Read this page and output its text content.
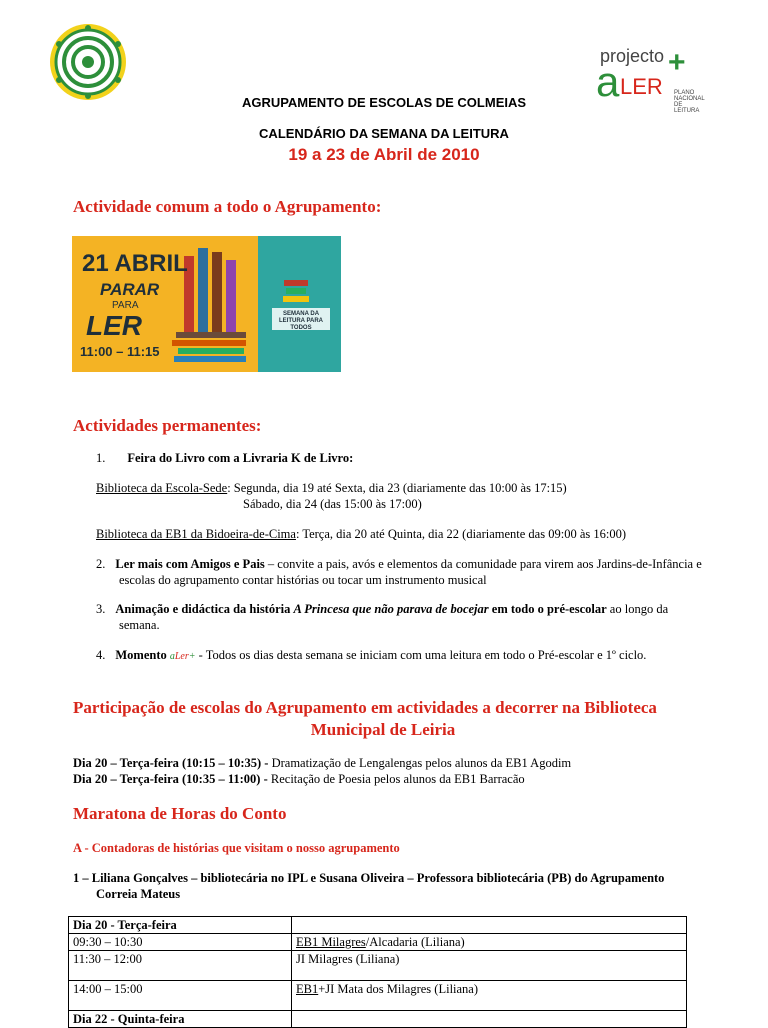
projecto
a LER
+
PLANO NACIONAL
DE LEITURA
AGRUPAMENTO DE ESCOLAS DE COLMEIAS
CALENDÁRIO DA SEMANA DA LEITURA
19 a 23 de Abril de 2010
Actividade comum a todo o Agrupamento:
21 ABRIL
PARAR
PARA
LER
11:00 – 11:15
SEMANA DA LEITURA PARA TODOS
Actividades permanentes:
1. Feira do Livro com a Livraria K de Livro:
Biblioteca da Escola-Sede: Segunda, dia 19 até Sexta, dia 23 (diariamente das 10:00 às 17:15)
Sábado, dia 24 (das 15:00 às 17:00)
Biblioteca da EB1 da Bidoeira-de-Cima: Terça, dia 20 até Quinta, dia 22 (diariamente das 09:00 às 16:00)
2. Ler mais com Amigos e Pais – convite a pais, avós e elementos da comunidade para virem aos Jardins-de-Infância e
escolas do agrupamento contar histórias ou tocar um instrumento musical
3. Animação e didáctica da história A Princesa que não parava de bocejar em todo o pré-escolar ao longo da
semana.
4. Momento aLer+ - Todos os dias desta semana se iniciam com uma leitura em todo o Pré-escolar e 1º ciclo.
Participação de escolas do Agrupamento em actividades a decorrer na Biblioteca
Municipal de Leiria
Dia 20 – Terça-feira (10:15 – 10:35) - Dramatização de Lengalengas pelos alunos da EB1 Agodim
Dia 20 – Terça-feira (10:35 – 11:00) - Recitação de Poesia pelos alunos da EB1 Barracão
Maratona de Horas do Conto
A - Contadoras de histórias que visitam o nosso agrupamento
1 – Liliana Gonçalves – bibliotecária no IPL e Susana Oliveira – Professora bibliotecária (PB) do Agrupamento
Correia Mateus
Dia 20 - Terça-feira	
09:30 – 10:30	EB1 Milagres/Alcadaria (Liliana)
11:30 – 12:00	JI Milagres (Liliana)
14:00 – 15:00	EB1+JI Mata dos Milagres (Liliana)
Dia 22 - Quinta-feira	
